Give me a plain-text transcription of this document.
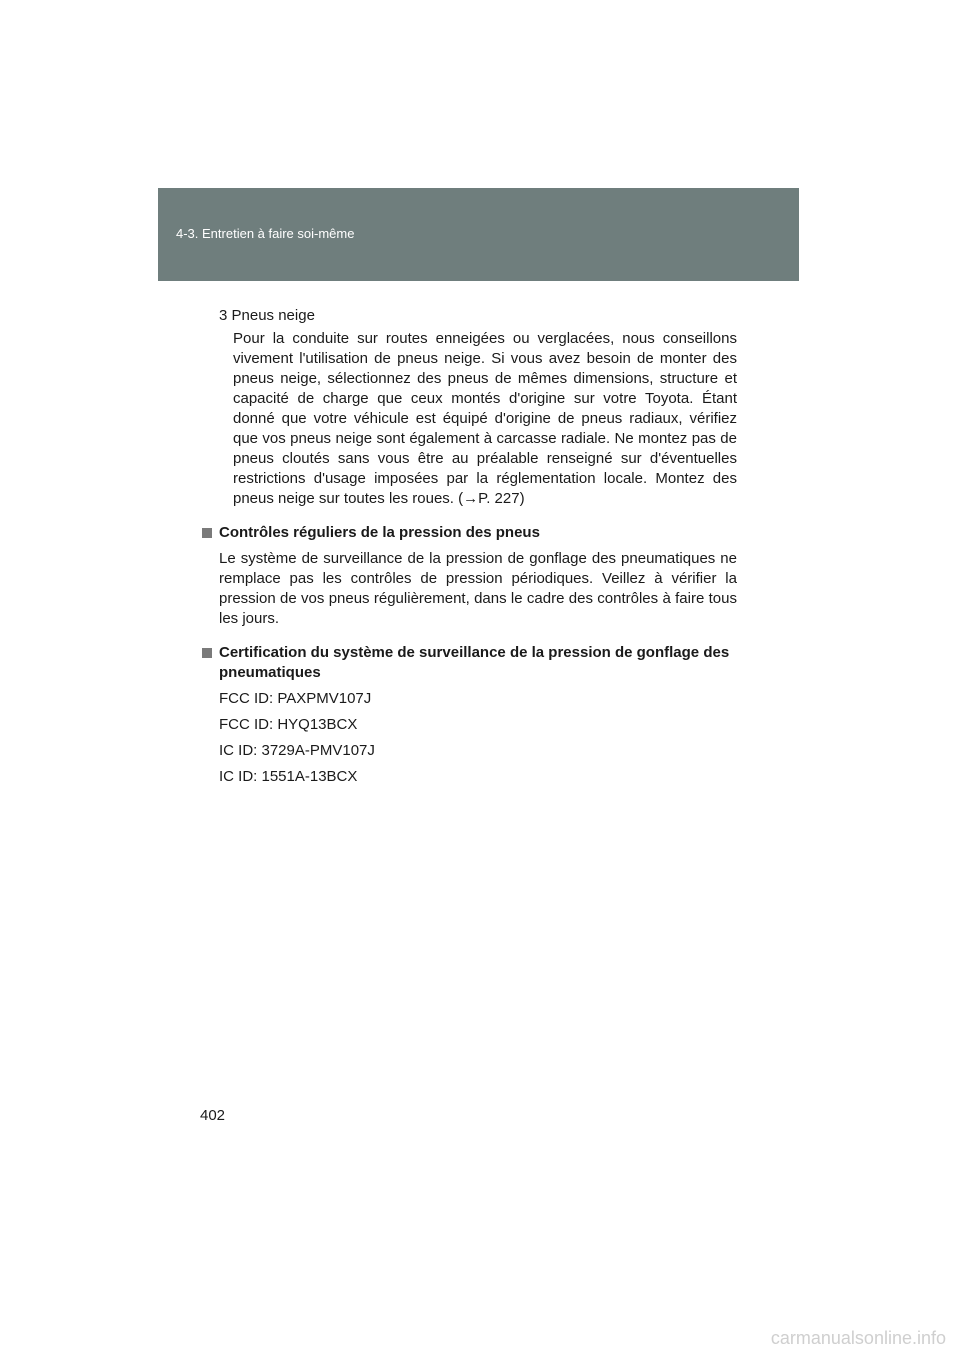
4-3. Entretien à faire soi-même
3 Pneus neige
Pour la conduite sur routes enneigées ou verglacées, nous conseillons vivement l'utilisation de pneus neige. Si vous avez besoin de monter des pneus neige, sélectionnez des pneus de mêmes dimensions, structure et capacité de charge que ceux montés d'origine sur votre Toyota. Étant donné que votre véhicule est équipé d'origine de pneus radiaux, vérifiez que vos pneus neige sont également à carcasse radiale. Ne montez pas de pneus cloutés sans vous être au préalable renseigné sur d'éventuelles restrictions d'usage imposées par la réglementation locale. Montez des pneus neige sur toutes les roues. (→P. 227)
Contrôles réguliers de la pression des pneus
Le système de surveillance de la pression de gonflage des pneumatiques ne remplace pas les contrôles de pression périodiques. Veillez à vérifier la pression de vos pneus régulièrement, dans le cadre des contrôles à faire tous les jours.
Certification du système de surveillance de la pression de gonflage des pneumatiques
FCC ID: PAXPMV107J
FCC ID: HYQ13BCX
IC ID: 3729A-PMV107J
IC ID: 1551A-13BCX
402
carmanualsonline.info
